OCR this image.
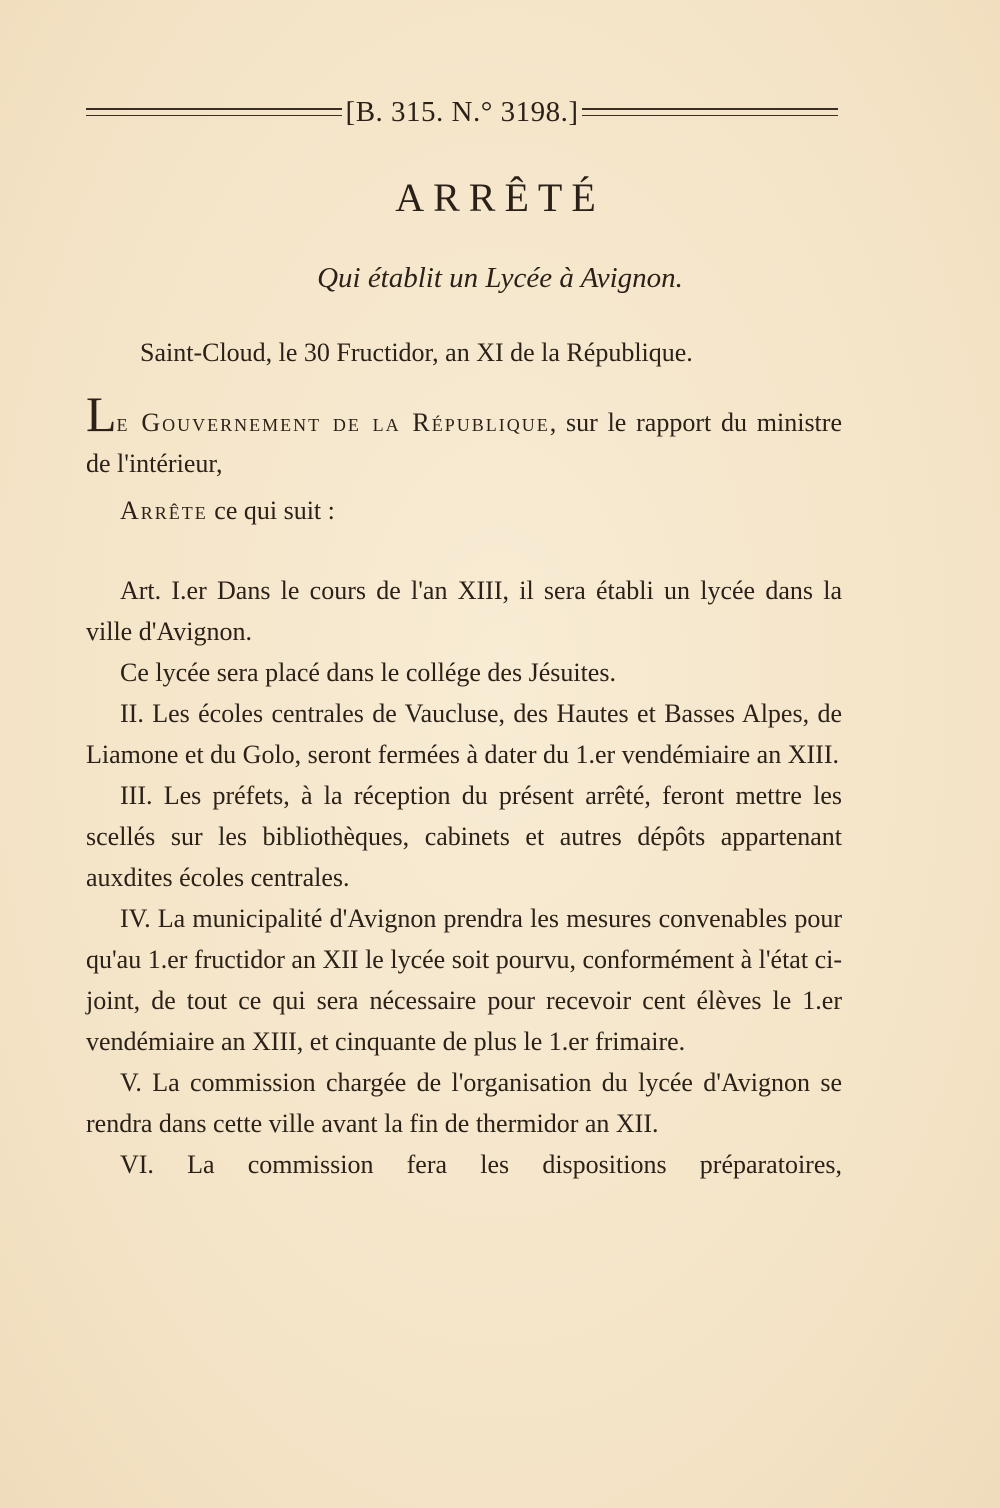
[B. 315. N.° 3198.]
ARRÊTÉ
Qui établit un Lycée à Avignon.
Saint-Cloud, le 30 Fructidor, an XI de la République.
Le Gouvernement de la République, sur le rapport du ministre de l'intérieur,
Arrête ce qui suit :

Art. I.er Dans le cours de l'an XIII, il sera établi un lycée dans la ville d'Avignon.

Ce lycée sera placé dans le collége des Jésuites.

II. Les écoles centrales de Vaucluse, des Hautes et Basses Alpes, de Liamone et du Golo, seront fermées à dater du 1.er vendémiaire an XIII.

III. Les préfets, à la réception du présent arrêté, feront mettre les scellés sur les bibliothèques, cabinets et autres dépôts appartenant auxdites écoles centrales.

IV. La municipalité d'Avignon prendra les mesures convenables pour qu'au 1.er fructidor an XII le lycée soit pourvu, conformément à l'état ci-joint, de tout ce qui sera nécessaire pour recevoir cent élèves le 1.er vendémiaire an XIII, et cinquante de plus le 1.er frimaire.

V. La commission chargée de l'organisation du lycée d'Avignon se rendra dans cette ville avant la fin de thermidor an XII.

VI. La commission fera les dispositions préparatoires,
